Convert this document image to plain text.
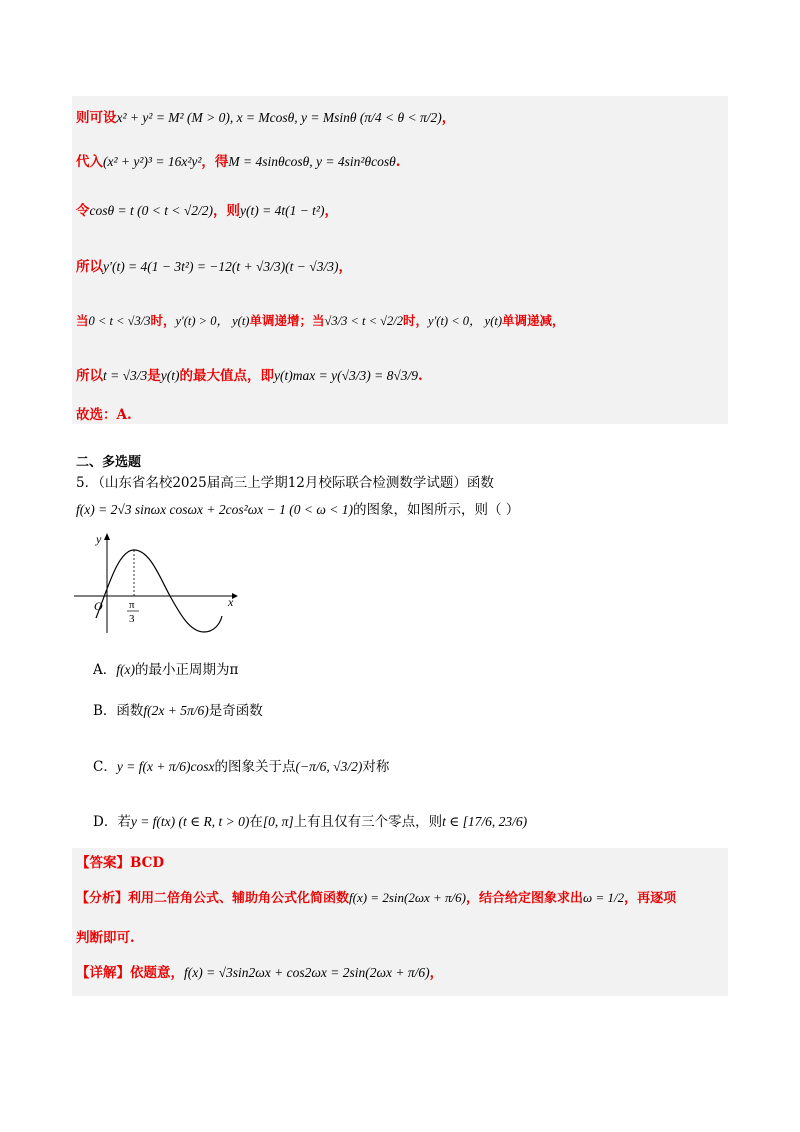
则可设x² + y² = M² (M > 0), x = Mcosθ, y = Msinθ (π/4 < θ < π/2)，
代入(x² + y²)³ = 16x²y²，得M = 4sinθcosθ, y = 4sin²θcosθ.
令cosθ = t (0 < t < √2/2)，则y(t) = 4t(1 − t²)，
所以y′(t) = 4(1 − 3t²) = −12(t + √3/3)(t − √3/3)，
当0 < t < √3/3时，y′(t) > 0， y(t)单调递增；当√3/3 < t < √2/2时，y′(t) < 0， y(t)单调递减，
所以t = √3/3是y(t)的最大值点，即y(t)max = y(√3/3) = 8√3/9.
故选：A.
二、多选题
5．（山东省名校2025届高三上学期12月校际联合检测数学试题）函数
f(x) = 2√3 sinωx cosωx + 2cos²ωx − 1 (0 < ω < 1)的图象，如图所示，则（ ）
y
x
O π
3
A．f(x)的最小正周期为π
B．函数f(2x + 5π/6)是奇函数
C．y = f(x + π/6)cosx的图象关于点(−π/6, √3/2)对称
D．若y = f(tx) (t ∈ R, t > 0)在[0, π]上有且仅有三个零点，则t ∈ [17/6, 23/6)
【答案】BCD
【分析】利用二倍角公式、辅助角公式化简函数f(x) = 2sin(2ωx + π/6)，结合给定图象求出ω = 1/2，再逐项
判断即可.
【详解】依题意，f(x) = √3sin2ωx + cos2ωx = 2sin(2ωx + π/6)，
